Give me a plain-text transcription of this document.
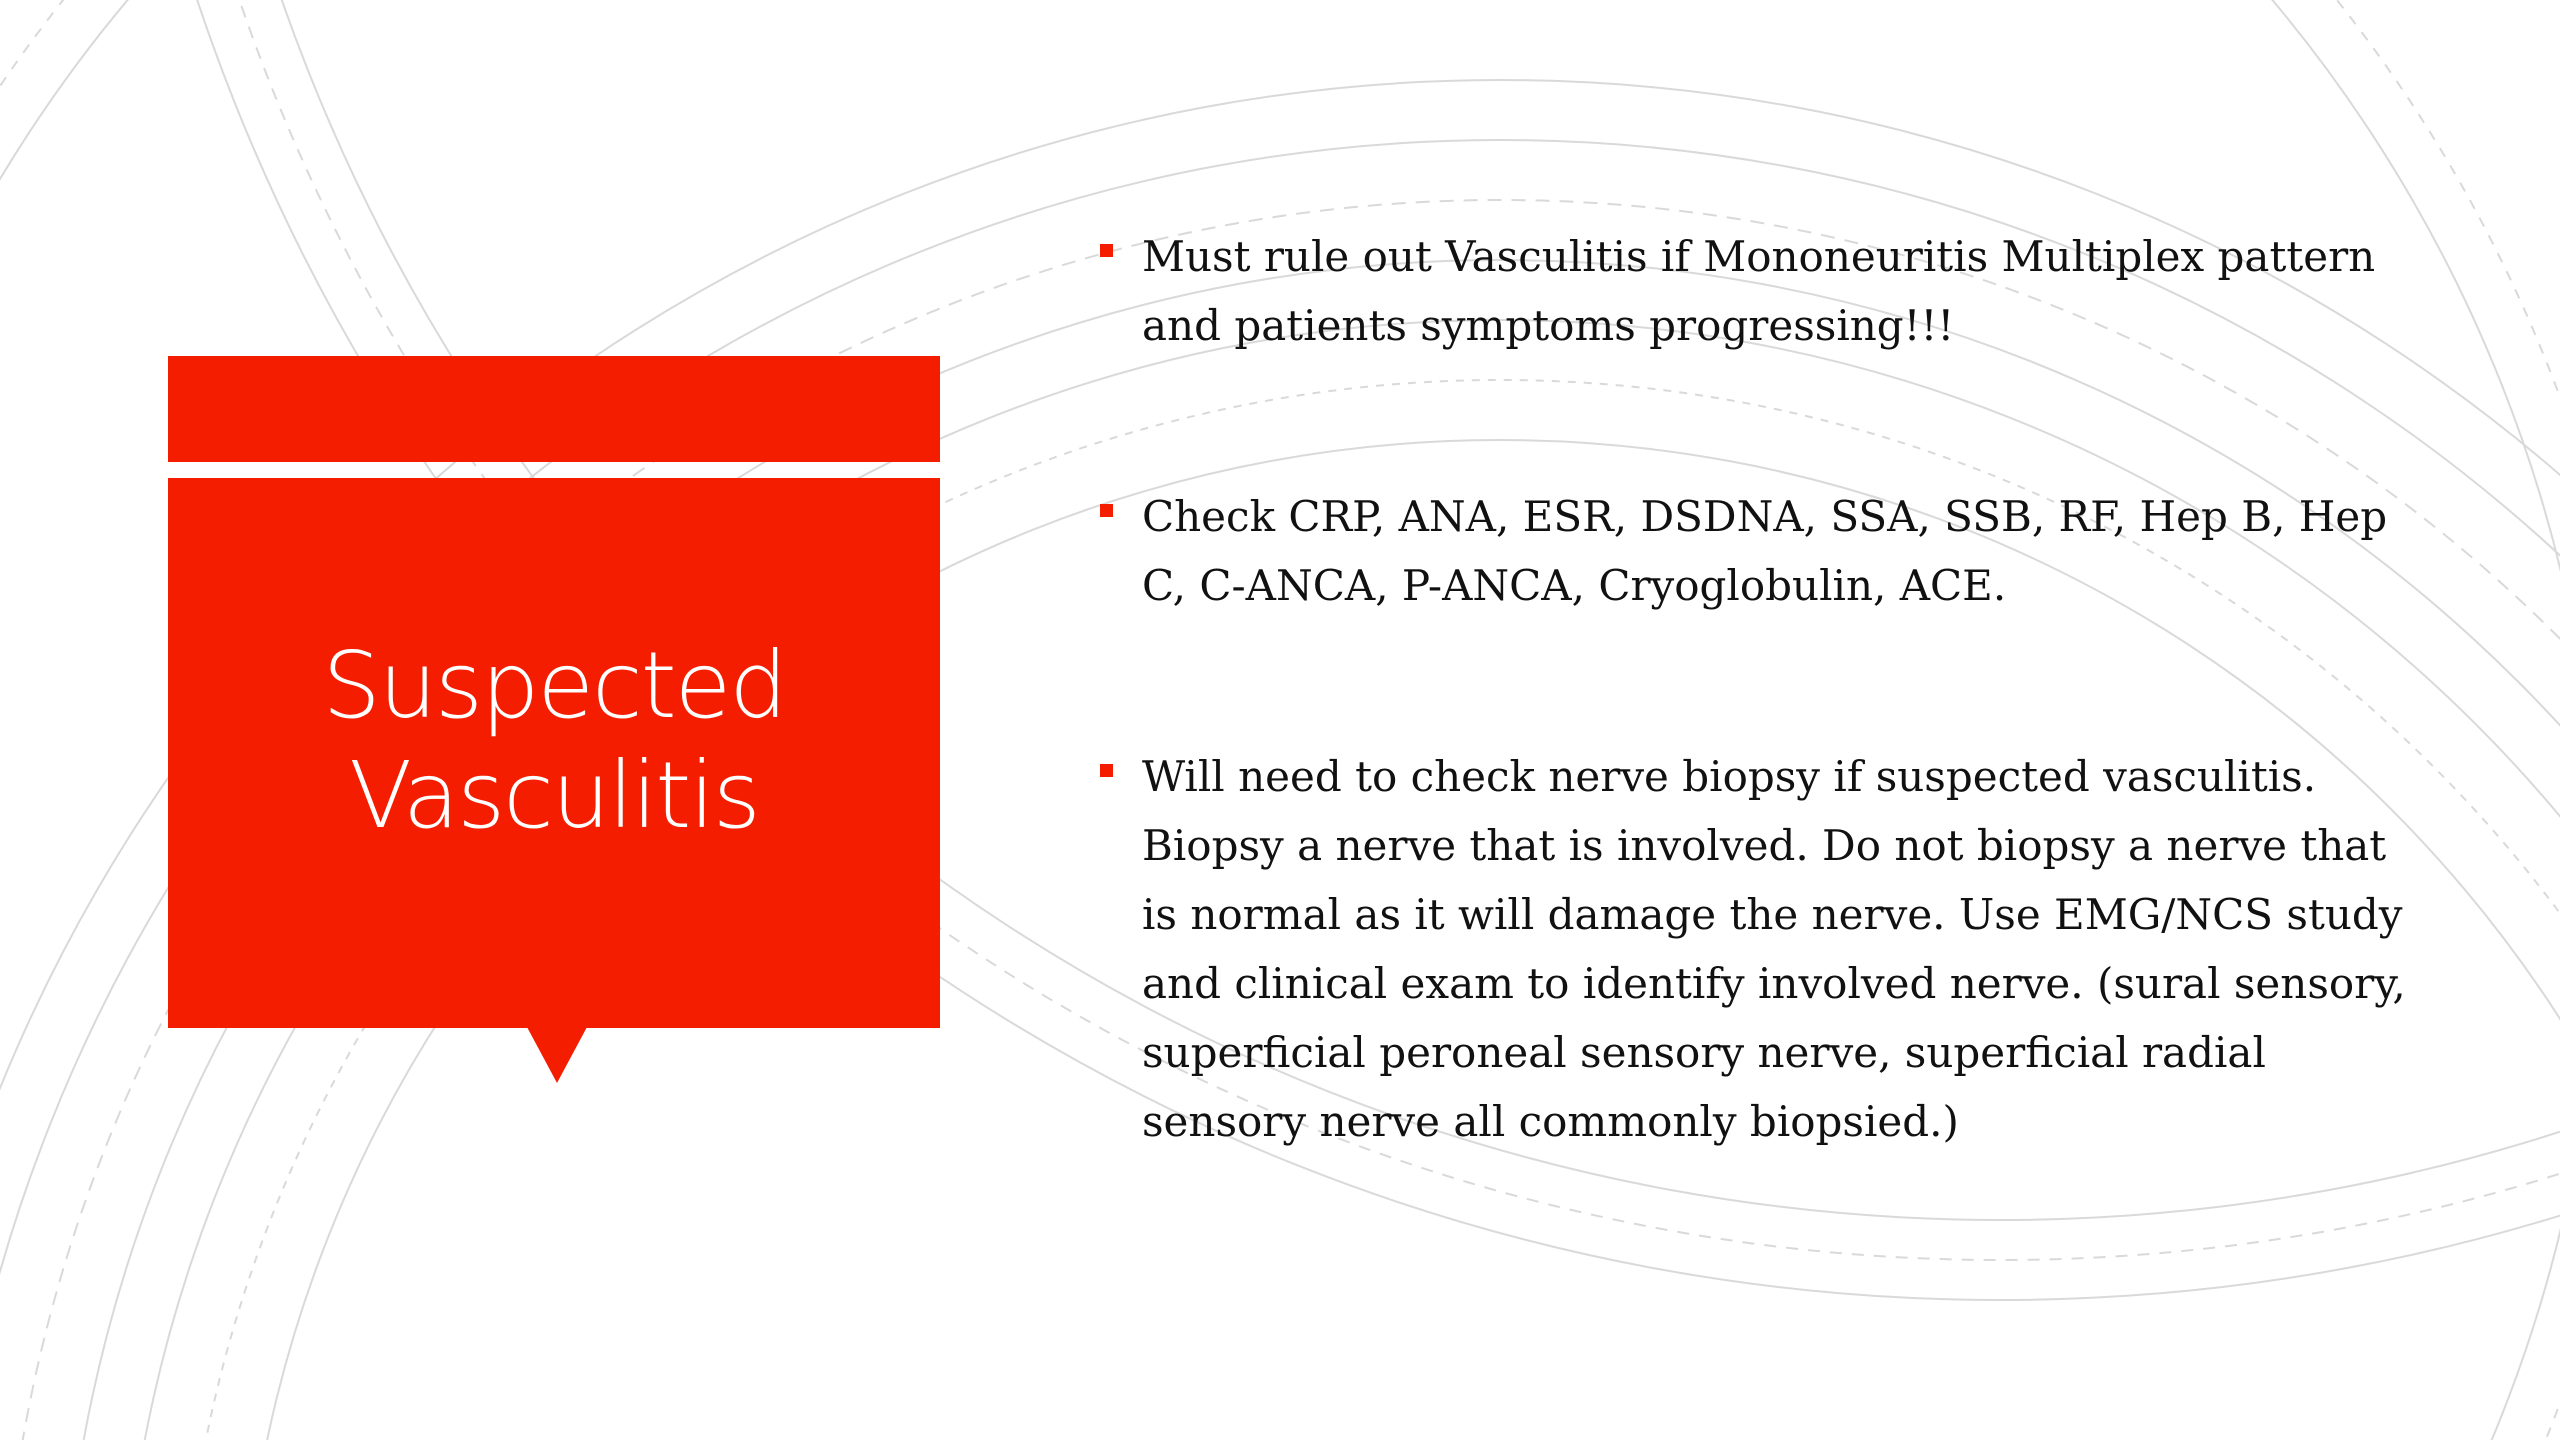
Suspected
Vasculitis
Must rule out Vasculitis if Mononeuritis Multiplex pattern and patients symptoms progressing!!!
Check CRP, ANA, ESR, DSDNA, SSA, SSB, RF, Hep B, Hep C, C-ANCA, P-ANCA, Cryoglobulin, ACE.
Will need to check nerve biopsy if suspected vasculitis. Biopsy a nerve that is involved. Do not biopsy a nerve that is normal as it will damage the nerve. Use EMG/NCS study and clinical exam to identify involved nerve. (sural sensory, superficial peroneal sensory nerve, superficial radial sensory nerve all commonly biopsied.)
